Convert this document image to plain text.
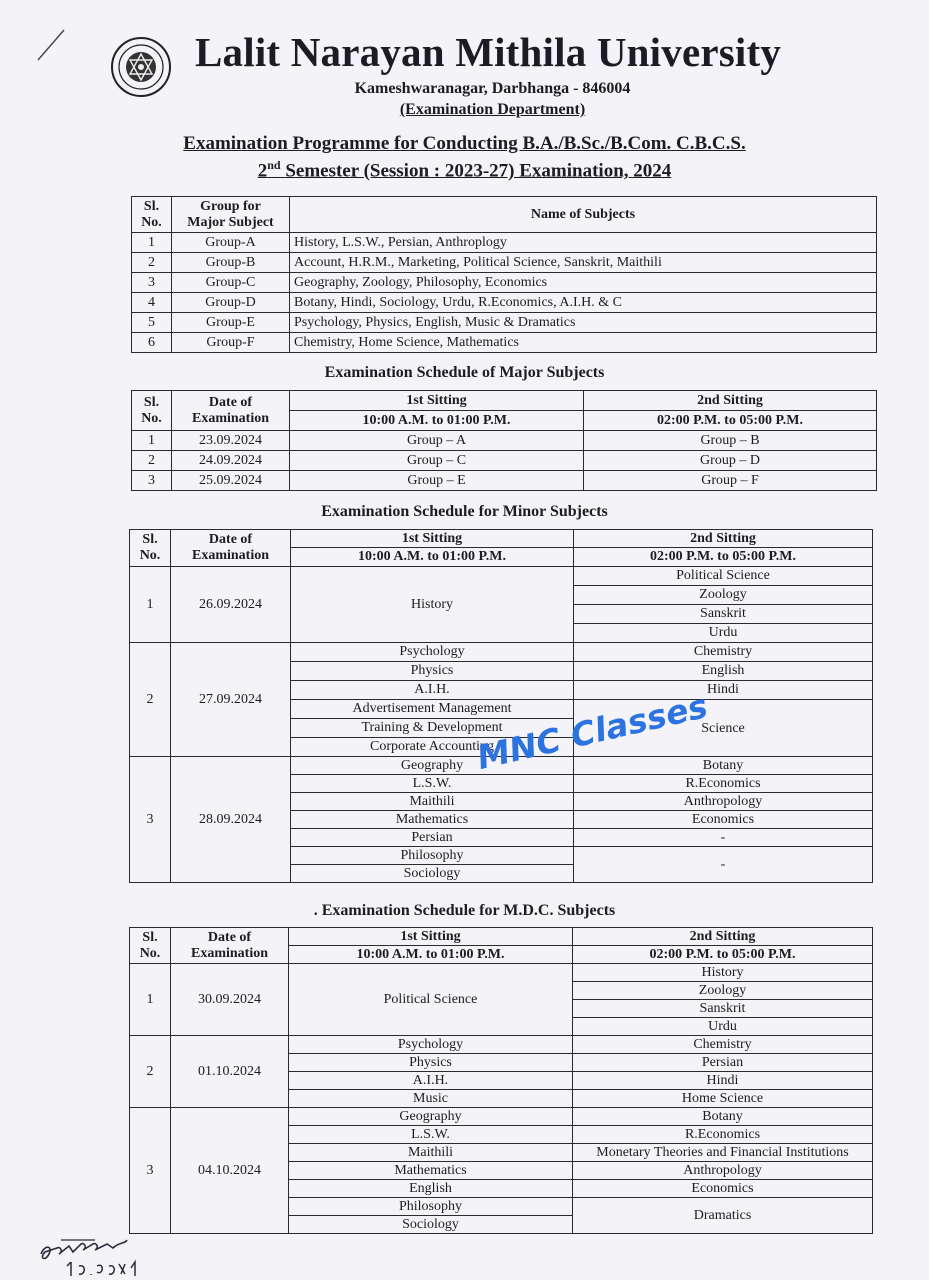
Lalit Narayan Mithila University
Kameshwaranagar, Darbhanga - 846004
(Examination Department)
Examination Programme for Conducting B.A./B.Sc./B.Com. C.B.C.S.
2nd Semester (Session : 2023-27) Examination, 2024
Sl.
No.	Group for
Major Subject	Name of Subjects
1	Group-A	History, L.S.W., Persian, Anthroplogy
2	Group-B	Account, H.R.M., Marketing, Political Science, Sanskrit, Maithili
3	Group-C	Geography, Zoology, Philosophy, Economics
4	Group-D	Botany, Hindi, Sociology, Urdu, R.Economics, A.I.H. & C
5	Group-E	Psychology, Physics, English, Music & Dramatics
6	Group-F	Chemistry, Home Science, Mathematics
Examination Schedule of Major Subjects
Sl.
No.	Date of
Examination	1st Sitting	2nd Sitting
		10:00 A.M. to 01:00 P.M.	02:00 P.M. to 05:00 P.M.
1	23.09.2024	Group – A	Group – B
2	24.09.2024	Group – C	Group – D
3	25.09.2024	Group – E	Group – F
Examination Schedule for Minor Subjects
Sl.
No.	Date of
Examination	1st Sitting	2nd Sitting
		10:00 A.M. to 01:00 P.M.	02:00 P.M. to 05:00 P.M.
1	26.09.2024	History	Political Science
			Zoology
			Sanskrit
			Urdu
2	27.09.2024	Psychology	Chemistry
		Physics	English
		A.I.H.	Hindi
		Advertisement Management	Science
		Training & Development	
		Corporate Accounting	
3	28.09.2024	Geography	Botany
		L.S.W.	R.Economics
		Maithili	Anthropology
		Mathematics	Economics
		Persian	-
		Philosophy	-
		Sociology	
. Examination Schedule for M.D.C. Subjects
Sl.
No.	Date of
Examination	1st Sitting	2nd Sitting
		10:00 A.M. to 01:00 P.M.	02:00 P.M. to 05:00 P.M.
1	30.09.2024	Political Science	History
			Zoology
			Sanskrit
			Urdu
2	01.10.2024	Psychology	Chemistry
		Physics	Persian
		A.I.H.	Hindi
		Music	Home Science
3	04.10.2024	Geography	Botany
		L.S.W.	R.Economics
		Maithili	Monetary Theories and Financial Institutions
		Mathematics	Anthropology
		English	Economics
		Philosophy	Dramatics
		Sociology	
MNC Classes
